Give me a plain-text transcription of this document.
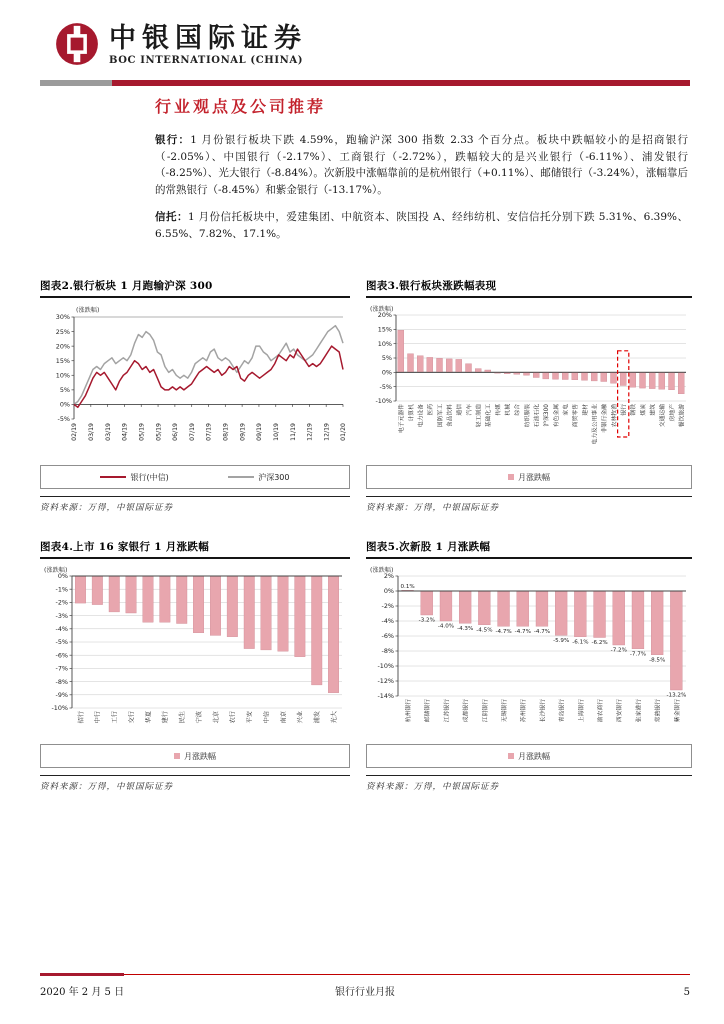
中银国际证券
BOC INTERNATIONAL (CHINA)
行业观点及公司推荐

银行：1 月份银行板块下跌 4.59%，跑输沪深 300 指数 2.33 个百分点。板块中跌幅较小的是招商银行（-2.05%）、中国银行（-2.17%）、工商银行（-2.72%），跌幅较大的是兴业银行（-6.11%）、浦发银行（-8.25%）、光大银行（-8.84%）。次新股中涨幅靠前的是杭州银行（+0.11%）、邮储银行（-3.24%），涨幅靠后的常熟银行（-8.45%）和紫金银行（-13.17%）。

信托：1 月份信托板块中，爱建集团、中航资本、陕国投 A、经纬纺机、安信信托分别下跌 5.31%、6.39%、6.55%、7.82%、17.1%。

图表2.银行板块 1 月跑输沪深 300
(涨跌幅)
30%
25%
20%
15%
10%
5%
0%
-5%
02/19 03/19 03/19 04/19 05/19 05/19 06/19 07/19 07/19 08/19 09/19 09/19 10/19 11/19 12/19 12/19 01/20
银行(中信)	沪深300
资料来源：万得，中银国际证券
图表3.银行板块涨跌幅表现
(涨跌幅)
20%
15%
10%
5%
0%
-5%
-10%
电子元器件 计算机 电力设备 医药 国防军工 食品饮料 通信 汽车 轻工制造 基础化工 传媒 机械 综合 纺织服装 石油石化 沪深300 有色金属 家电 商贸零售 建材 电力及公用事业 非银行金融 农林牧渔 银行 钢铁 煤炭 建筑 交通运输 房地产 餐饮旅游
月涨跌幅
资料来源：万得，中银国际证券
图表4.上市 16 家银行 1 月涨跌幅
(涨跌幅)
0%
-1%
-2%
-3%
-4%
-5%
-6%
-7%
-8%
-9%
-10%
招行 中行 工行 交行 华夏 建行 民生 宁波 北京 农行 平安 中信 南京 兴业 浦发 光大
月涨跌幅
资料来源：万得，中银国际证券
图表5.次新股 1 月涨跌幅
(涨跌幅)
2%
0%
-2%
-4%
-6%
-8%
-10%
-12%
-14%
0.1%
杭州银行
-3.2%
邮储银行
-4.0%
江苏银行
-4.3%
成都银行
-4.5%
江阴银行
-4.7%
无锡银行
-4.7%
苏州银行
-4.7%
长沙银行
-5.9%
青岛银行
-6.1%
上海银行
-6.2%
渝农商行
-7.2%
西安银行
-7.7%
张家港行
-8.5%
常熟银行
-13.2%
紫金银行
月涨跌幅
资料来源：万得，中银国际证券
2020 年 2 月 5 日	银行行业月报	5
